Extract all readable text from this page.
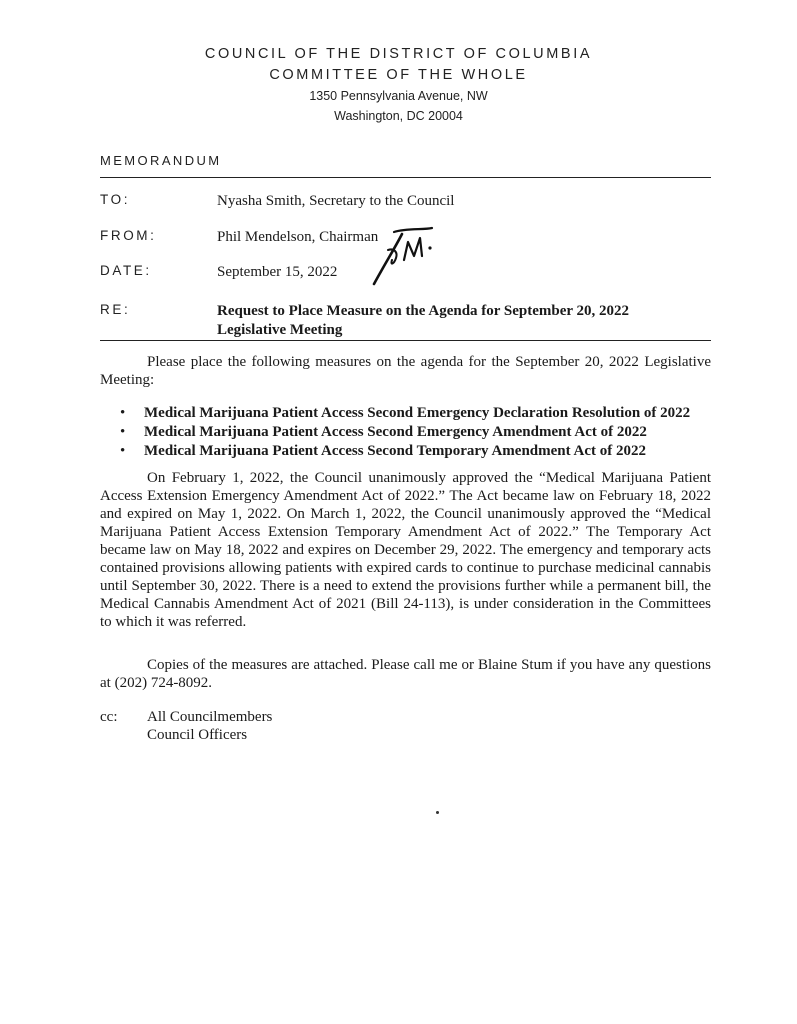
COUNCIL OF THE DISTRICT OF COLUMBIA
COMMITTEE OF THE WHOLE
1350 Pennsylvania Avenue, NW
Washington, DC 20004
MEMORANDUM
TO:	Nyasha Smith, Secretary to the Council
FROM:	Phil Mendelson, Chairman
DATE:	September 15, 2022
RE:	Request to Place Measure on the Agenda for September 20, 2022 Legislative Meeting
Please place the following measures on the agenda for the September 20, 2022 Legislative Meeting:
• Medical Marijuana Patient Access Second Emergency Declaration Resolution of 2022
• Medical Marijuana Patient Access Second Emergency Amendment Act of 2022
• Medical Marijuana Patient Access Second Temporary Amendment Act of 2022
On February 1, 2022, the Council unanimously approved the “Medical Marijuana Patient Access Extension Emergency Amendment Act of 2022.” The Act became law on February 18, 2022 and expired on May 1, 2022. On March 1, 2022, the Council unanimously approved the “Medical Marijuana Patient Access Extension Temporary Amendment Act of 2022.” The Temporary Act became law on May 18, 2022 and expires on December 29, 2022. The emergency and temporary acts contained provisions allowing patients with expired cards to continue to purchase medicinal cannabis until September 30, 2022. There is a need to extend the provisions further while a permanent bill, the Medical Cannabis Amendment Act of 2021 (Bill 24-113), is under consideration in the Committees to which it was referred.
Copies of the measures are attached. Please call me or Blaine Stum if you have any questions at (202) 724-8092.
cc:	All Councilmembers
Council Officers
